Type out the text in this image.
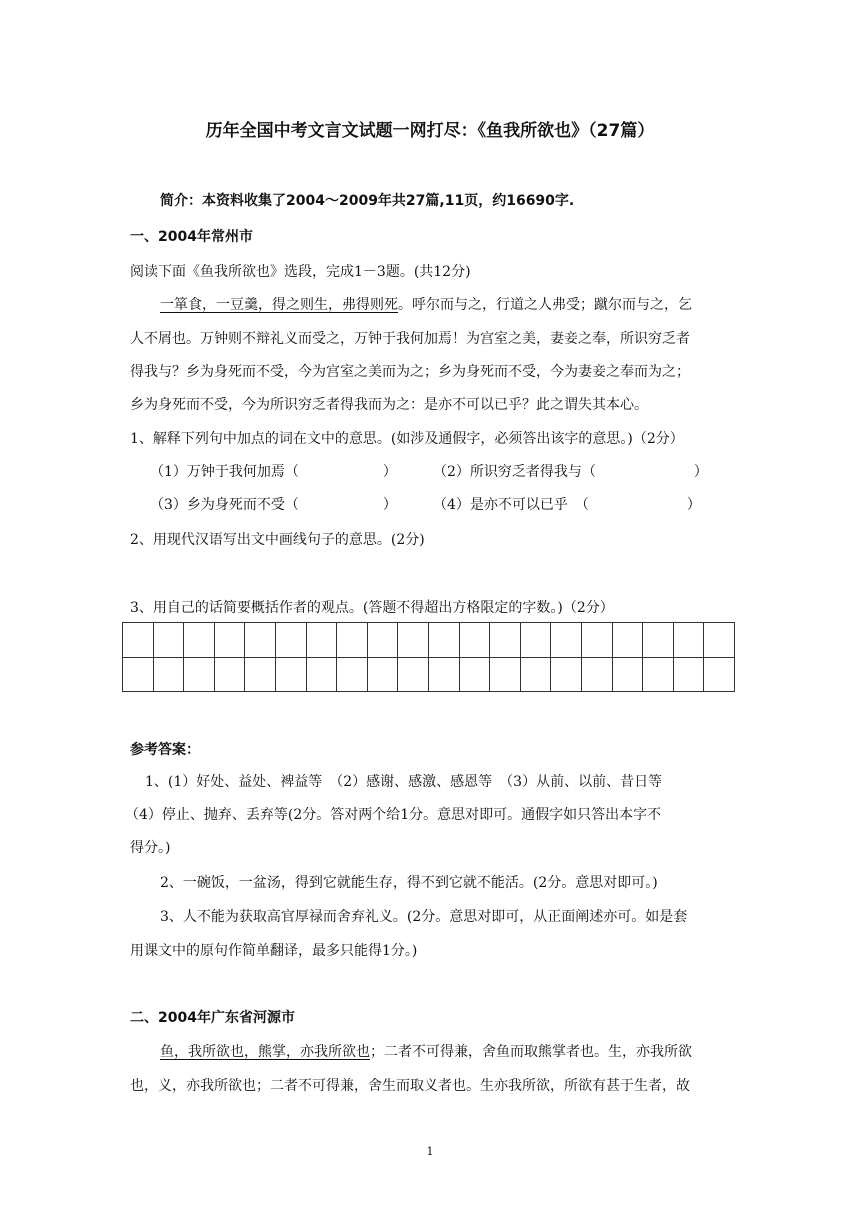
历年全国中考文言文试题一网打尽：《鱼我所欲也》（27篇）
简介：本资料收集了2004～2009年共27篇,11页，约16690字.
一、2004年常州市
阅读下面《鱼我所欲也》选段，完成1－3题。(共12分)
一箪食，一豆羹，得之则生，弗得则死。呼尔而与之，行道之人弗受；蹴尔而与之，乞
人不屑也。万钟则不辩礼义而受之，万钟于我何加焉！为宫室之美，妻妾之奉，所识穷乏者
得我与？乡为身死而不受，今为宫室之美而为之；乡为身死而不受，今为妻妾之奉而为之；
乡为身死而不受，今为所识穷乏者得我而为之：是亦不可以已乎？此之谓失其本心。
1、解释下列句中加点的词在文中的意思。(如涉及通假字，必须答出该字的意思。)（2分）
（1）万钟于我何加焉（　　　　　　）	（2）所识穷乏者得我与（　　　　　　　）
（3）乡为身死而不受（　　　　　　）	（4）是亦不可以已乎　（　　　　　　　）
2、用现代汉语写出文中画线句子的意思。(2分)
3、用自己的话简要概括作者的观点。(答题不得超出方格限定的字数。)（2分）

参考答案：
1、(1）好处、益处、裨益等　（2）感谢、感激、感恩等　（3）从前、以前、昔日等
（4）停止、抛弃、丢弃等(2分。答对两个给1分。意思对即可。通假字如只答出本字不
得分。)
2、一碗饭，一盆汤，得到它就能生存，得不到它就不能活。(2分。意思对即可。)
3、人不能为获取高官厚禄而舍弃礼义。(2分。意思对即可，从正面阐述亦可。如是套
用课文中的原句作简单翻译，最多只能得1分。)
二、2004年广东省河源市
鱼，我所欲也，熊掌，亦我所欲也；二者不可得兼，舍鱼而取熊掌者也。生，亦我所欲
也，义，亦我所欲也；二者不可得兼，舍生而取义者也。生亦我所欲，所欲有甚于生者，故
1
